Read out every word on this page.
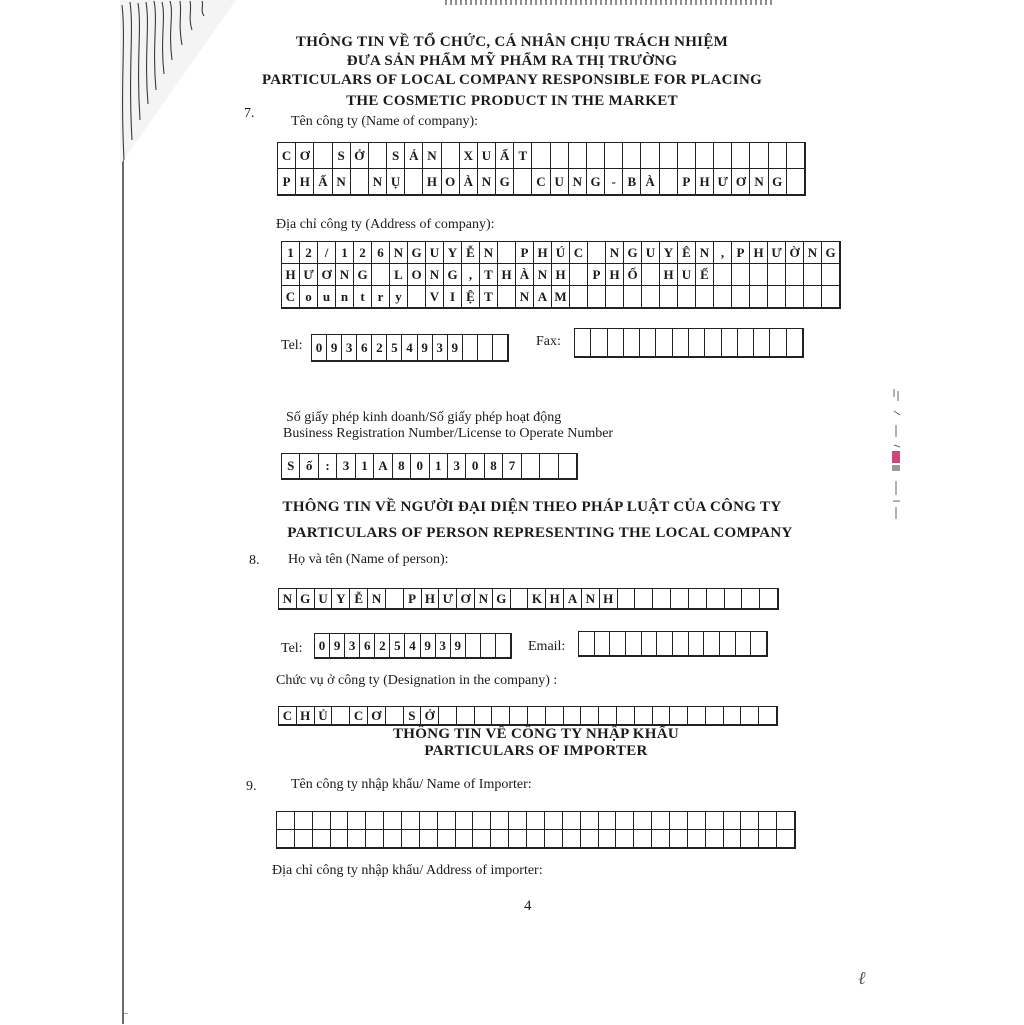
THÔNG TIN VỀ TỔ CHỨC, CÁ NHÂN CHỊU TRÁCH NHIỆM
ĐƯA SẢN PHẨM MỸ PHẨM RA THỊ TRƯỜNG
PARTICULARS OF LOCAL COMPANY RESPONSIBLE FOR PLACING
THE COSMETIC PRODUCT IN THE MARKET
7.
Tên công ty (Name of company):
C Ơ	S Ở	S Ả N	X U Ấ T
P H Ấ N	N Ụ	H O À N G	C U N G - B À	P H Ư Ơ N G
Địa chỉ công ty (Address of company):
1 2 / 1 2 6 N G U Y Ễ N	P H Ú C	N G U Y Ê N , P H Ư Ờ N G
H Ư Ơ N G	L O N G , T H À N H	P H Ố	H U Ế
C o u n t r y	V I Ệ T	N A M
Tel: 0 9 3 6 2 5 4 9 3 9	Fax:
Số giấy phép kinh doanh/Số giấy phép hoạt động
Business Registration Number/License to Operate Number
S ố	:	3 1 A 8 0 1 3 0 8 7
THÔNG TIN VỀ NGƯỜI ĐẠI DIỆN THEO PHÁP LUẬT CỦA CÔNG TY
PARTICULARS OF PERSON REPRESENTING THE LOCAL COMPANY
8. Họ và tên (Name of person):
N G U Y Ễ N	P H Ư Ơ N G	K H A N H
Tel: 0 9 3 6 2 5 4 9 3 9	Email:
Chức vụ ở công ty (Designation in the company) :
C H Ủ	C Ơ	S Ở
THÔNG TIN VỀ CÔNG TY NHẬP KHẨU
PARTICULARS OF IMPORTER
9. Tên công ty nhập khẩu/ Name of Importer:
Địa chỉ công ty nhập khẩu/ Address of importer:
4
ℓ
‾
